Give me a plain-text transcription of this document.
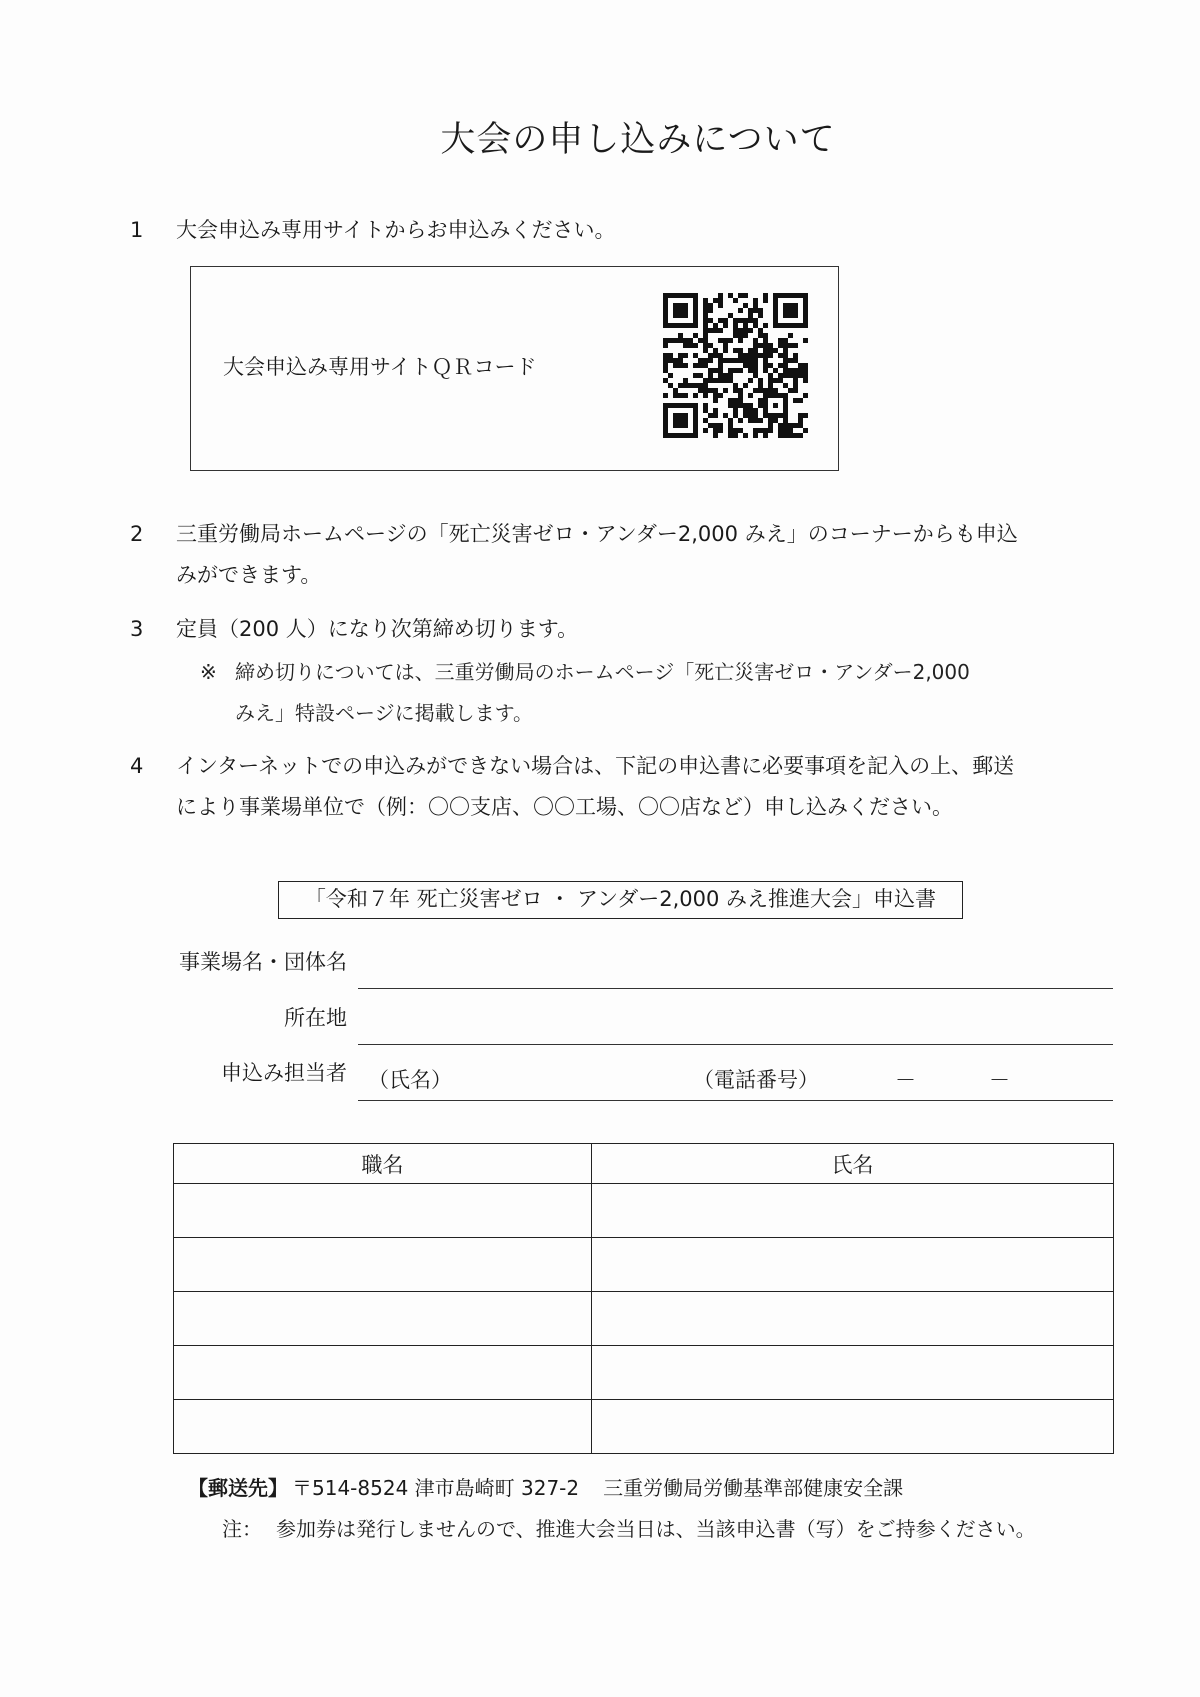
大会の申し込みについて
1	大会申込み専用サイトからお申込みください。
大会申込み専用サイトＱＲコード
2	三重労働局ホームページの「死亡災害ゼロ・アンダー2,000 みえ」のコーナーからも申込
みができます。
3	定員（200 人）になり次第締め切ります。
※ 締め切りについては、三重労働局のホームページ「死亡災害ゼロ・アンダー2,000
みえ」特設ページに掲載します。
4	インターネットでの申込みができない場合は、下記の申込書に必要事項を記入の上、郵送
により事業場単位で（例：〇〇支店、〇〇工場、〇〇店など）申し込みください。
「令和７年 死亡災害ゼロ ・ アンダー2,000 みえ推進大会」申込書
事業場名・団体名
所在地
申込み担当者 （氏名）	（電話番号）	－	－
職名	氏名

【郵送先】 〒514-8524 津市島崎町 327-2 三重労働局労働基準部健康安全課
注： 参加券は発行しませんので、推進大会当日は、当該申込書（写）をご持参ください。
